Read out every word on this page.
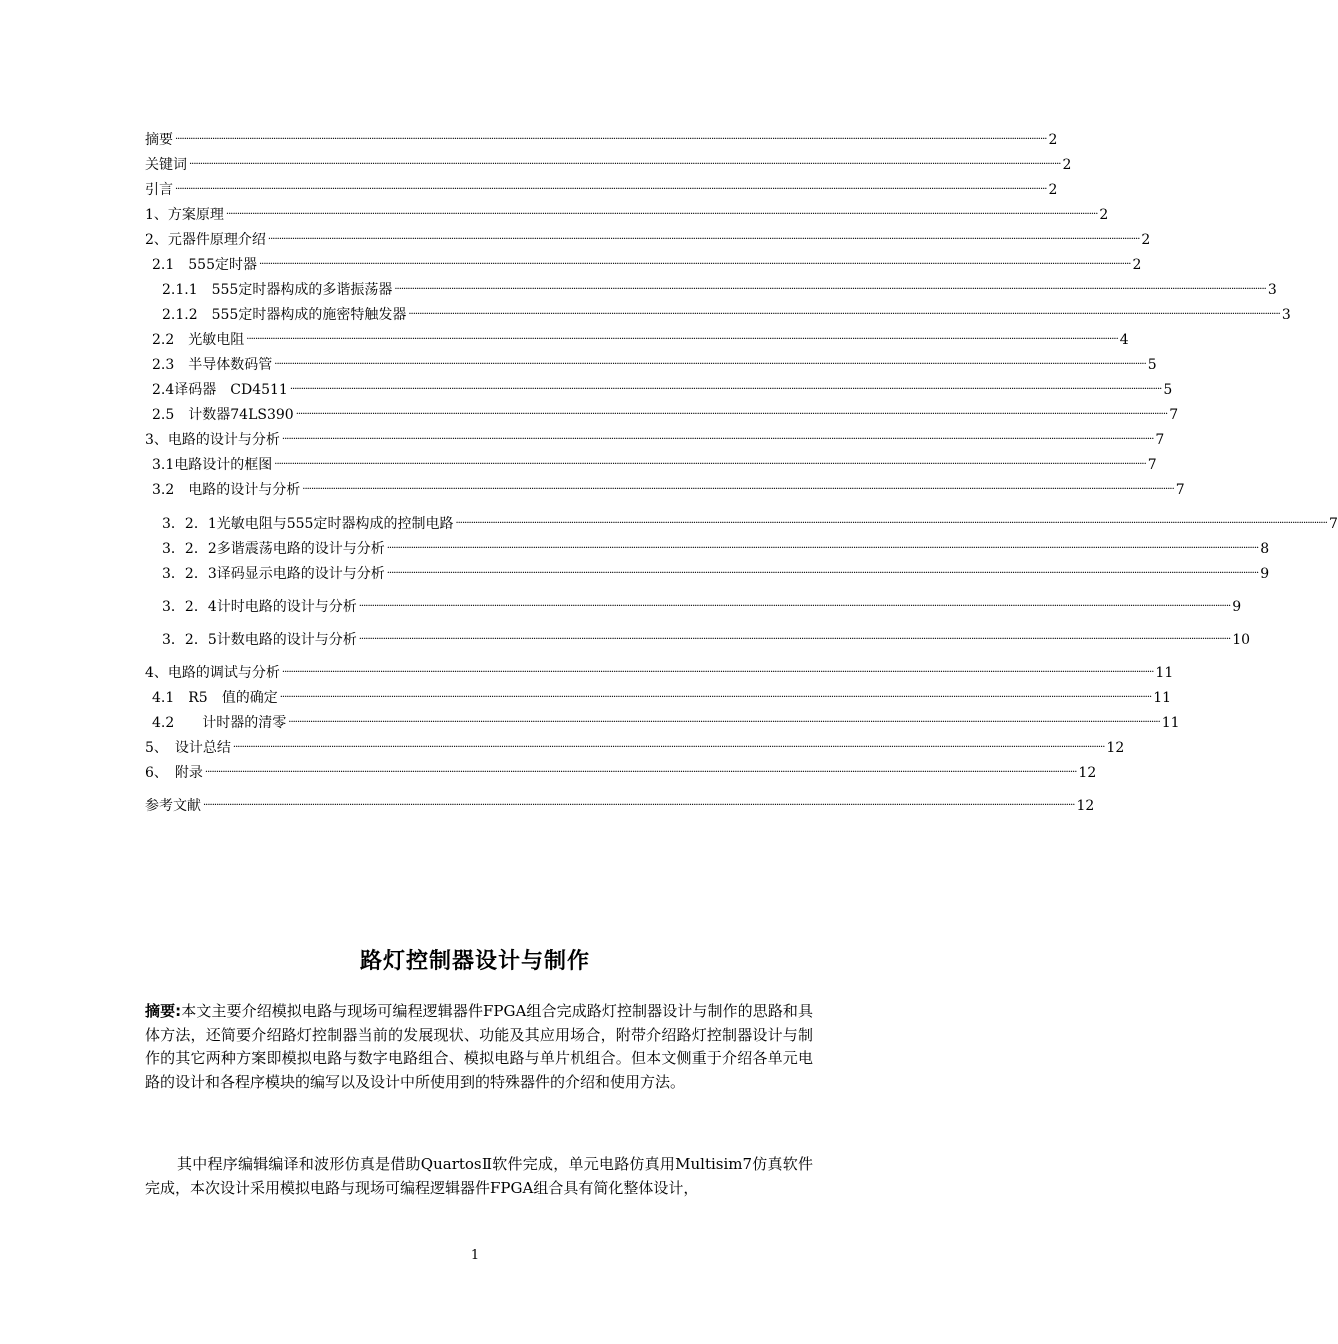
摘要 ················································································································································································································································································································································································································ 2
关键词 ················································································································································································································································································································································································································ 2
引言 ················································································································································································································································································································································································································ 2
1、方案原理 ················································································································································································································································································································································································································ 2
2、元器件原理介绍 ················································································································································································································································································································································································································ 2
2.1　555定时器 ················································································································································································································································································································································································································ 2
2.1.1　555定时器构成的多谐振荡器 ················································································································································································································································································································································································································ 3
2.1.2　555定时器构成的施密特触发器 ················································································································································································································································································································································································································ 3
2.2　光敏电阻 ················································································································································································································································································································································································································ 4
2.3　半导体数码管 ················································································································································································································································································································································································································ 5
2.4译码器　CD4511 ················································································································································································································································································································································································································ 5
2.5　计数器74LS390 ················································································································································································································································································································································································································ 7
3、电路的设计与分析 ················································································································································································································································································································································································································ 7
3.1电路设计的框图 ················································································································································································································································································································································································································ 7
3.2　电路的设计与分析 ················································································································································································································································································································································································································ 7
3．2．1光敏电阻与555定时器构成的控制电路 ················································································································································································································································································································································································································ 7
3．2．2多谐震荡电路的设计与分析 ················································································································································································································································································································································································································ 8
3．2．3译码显示电路的设计与分析 ················································································································································································································································································································································································································ 9
3．2．4计时电路的设计与分析 ················································································································································································································································································································································································································ 9
3．2．5计数电路的设计与分析 ················································································································································································································································································································································································································ 10
4、电路的调试与分析 ················································································································································································································································································································································································································ 11
4.1　R5　值的确定 ················································································································································································································································································································································································································ 11
4.2　　计时器的清零 ················································································································································································································································································································································································································ 11
5、　设计总结 ················································································································································································································································································································································································································ 12
6、　附录 ················································································································································································································································································································································································································ 12
参考文献 ················································································································································································································································································································································································································ 12
路灯控制器设计与制作
摘要:本文主要介绍模拟电路与现场可编程逻辑器件FPGA组合完成路灯控制器设计与制作的思路和具体方法，还简要介绍路灯控制器当前的发展现状、功能及其应用场合，附带介绍路灯控制器设计与制作的其它两种方案即模拟电路与数字电路组合、模拟电路与单片机组合。但本文侧重于介绍各单元电路的设计和各程序模块的编写以及设计中所使用到的特殊器件的介绍和使用方法。
其中程序编辑编译和波形仿真是借助QuartosⅡ软件完成，单元电路仿真用Multisim7仿真软件完成，本次设计采用模拟电路与现场可编程逻辑器件FPGA组合具有简化整体设计，
1
